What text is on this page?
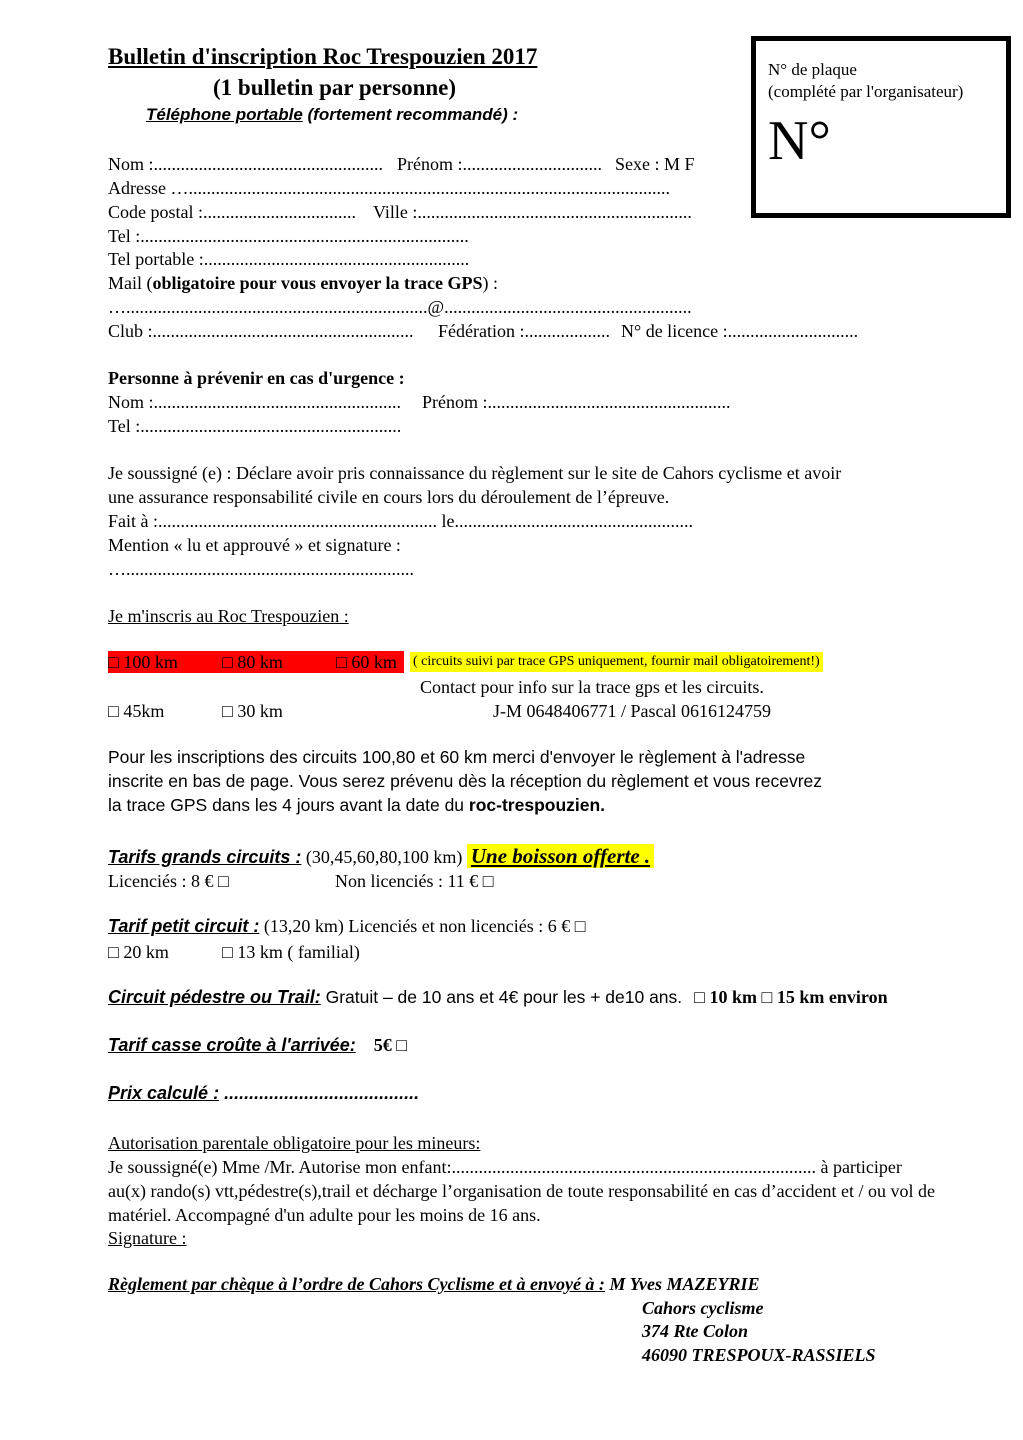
Bulletin d'inscription Roc Trespouzien 2017
(1 bulletin par personne)
Téléphone portable (fortement recommandé) :
N° de plaque
(complété par l'organisateur)
N°
Nom :................................................... Prénom :............................... Sexe : M F
Adresse …...........................................................................................................
Code postal :.................................. Ville :.............................................................
Tel :.........................................................................
Tel portable :...........................................................
Mail (obligatoire pour vous envoyer la trace GPS) :
…...................................................................@.......................................................
Club :.......................................................... Fédération :................... N° de licence :.............................
Personne à prévenir en cas d'urgence :
Nom :....................................................... Prénom :......................................................
Tel :..........................................................
Je soussigné (e) : Déclare avoir pris connaissance du règlement sur le site de Cahors cyclisme et avoir
une assurance responsabilité civile en cours lors du déroulement de l’épreuve.
Fait à :.............................................................. le.....................................................
Mention « lu et approuvé » et signature :
…................................................................
Je m'inscris au Roc Trespouzien :
□ 100 km □ 80 km	□ 60 km ( circuits suivi par trace GPS uniquement, fournir mail obligatoirement!)
Contact pour info sur la trace gps et les circuits.
□ 45km	□ 30 km	J-M 0648406771 / Pascal 0616124759
Pour les inscriptions des circuits 100,80 et 60 km merci d'envoyer le règlement à l'adresse
inscrite en bas de page. Vous serez prévenu dès la réception du règlement et vous recevrez
la trace GPS dans les 4 jours avant la date du roc-trespouzien.
Tarifs grands circuits : (30,45,60,80,100 km) Une boisson offerte .
Licenciés : 8 € □	Non licenciés : 11 € □
Tarif petit circuit : (13,20 km) Licenciés et non licenciés : 6 € □
□ 20 km	□ 13 km ( familial)
Circuit pédestre ou Trail: Gratuit – de 10 ans et 4€ pour les + de10 ans. □ 10 km □ 15 km environ
Tarif casse croûte à l'arrivée: 5€ □
Prix calculé : .......................................
Autorisation parentale obligatoire pour les mineurs:
Je soussigné(e) Mme /Mr. Autorise mon enfant:................................................................................. à participer
au(x) rando(s) vtt,pédestre(s),trail et décharge l’organisation de toute responsabilité en cas d’accident et / ou vol de
matériel. Accompagné d'un adulte pour les moins de 16 ans.
Signature :
Règlement par chèque à l’ordre de Cahors Cyclisme et à envoyé à : M Yves MAZEYRIE
Cahors cyclisme
374 Rte Colon
46090 TRESPOUX-RASSIELS
